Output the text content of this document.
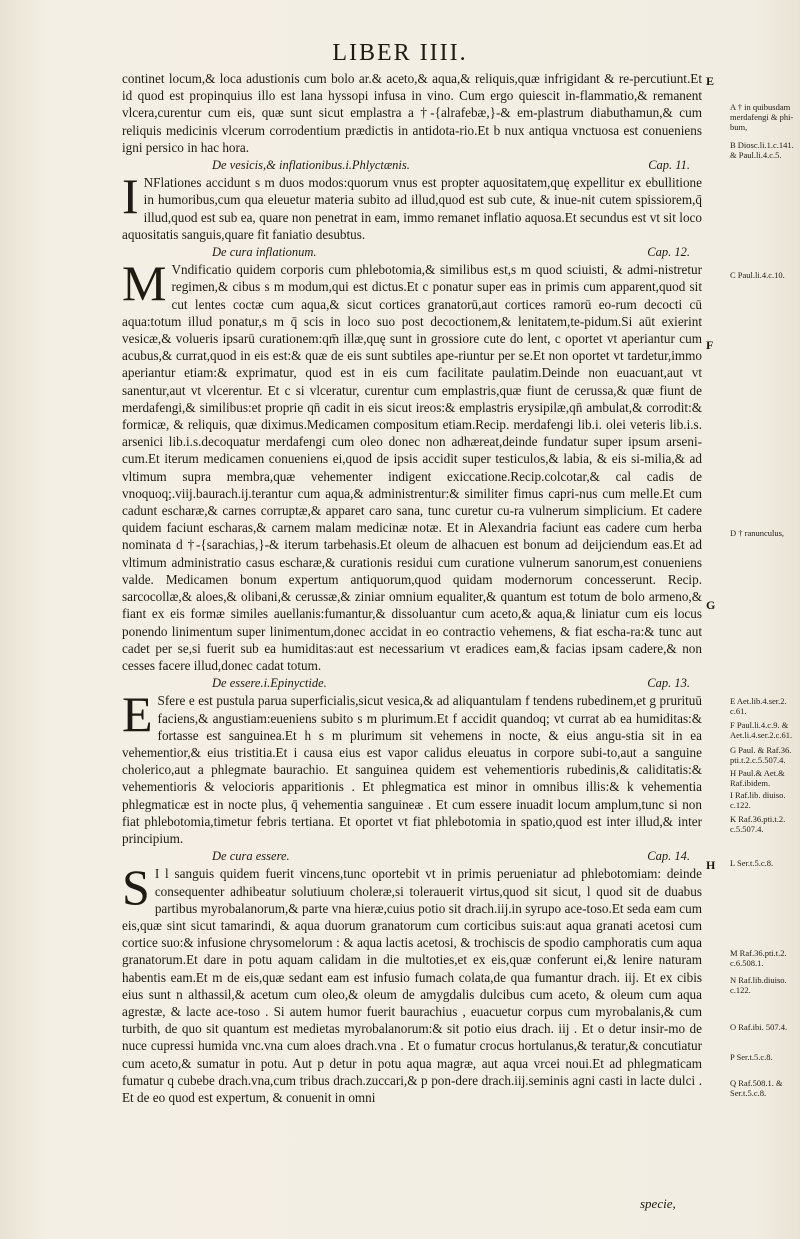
LIBER IIII.

continet locum,& loca adustionis cum bolo ar.& aceto,& aqua,& reliquis,quæ infrigidant & re-percutiunt.Et id quod est propinquius illo est lana hyssopi infusa in vino. Cum ergo quiescit in-flammatio,& remanent vlcera,curentur cum eis, quæ sunt sicut emplastra a †-{alrafebæ,}-& em-plastrum diabuthamun,& cum reliquis medicinis vlcerum corrodentium prædictis in antidota-rio.Et b nux antiqua vnctuosa est conueniens igni persico in hac hora.

De vesicis,& inflationibus.i.Phlyctænis.	Cap. 11.

I NFlationes accidunt s m duos modos:quorum vnus est propter aquositatem,quę expellitur ex ebullitione in humoribus,cum qua eleuetur materia subito ad illud,quod est sub cute, & inue-nit cutem spissiorem,q̄ illud,quod est sub ea, quare non penetrat in eam, immo remanet inflatio aquosa.Et secundus est vt sit loco aquositatis sanguis,quare fit faniatio desubtus.

De cura inflationum.	Cap. 12.

M Vndificatio quidem corporis cum phlebotomia,& similibus est,s m quod sciuisti, & admi-nistretur regimen,& cibus s m modum,qui est dictus.Et c ponatur super eas in primis cum apparent,quod sit cut lentes coctæ cum aqua,& sicut cortices granatorū,aut cortices ramorū eo-rum decocti cū aqua:totum illud ponatur,s m q̄ scis in loco suo post decoctionem,& lenitatem,te-pidum.Si aūt exierint vesicæ,& volueris ipsarū curationem:qm̄ illæ,quę sunt in grossiore cute do lent, c oportet vt aperiantur cum acubus,& currat,quod in eis est:& quæ de eis sunt subtiles ape-riuntur per se.Et non oportet vt tardetur,immo aperiantur etiam:& exprimatur, quod est in eis cum facilitate paulatim.Deinde non euacuant,aut vt sanentur,aut vt vlcerentur. Et c si vlceratur, curentur cum emplastris,quæ fiunt de cerussa,& quæ fiunt de merdafengi,& similibus:et proprie qn̄ cadit in eis sicut ireos:& emplastris erysipilæ,qn̄ ambulat,& corrodit:& formicæ, & reliquis, quæ diximus.Medicamen compositum etiam.Recip. merdafengi lib.i. olei veteris lib.i.s. arsenici lib.i.s.decoquatur merdafengi cum oleo donec non adhæreat,deinde fundatur super ipsum arseni-cum.Et iterum medicamen conueniens ei,quod de ipsis accidit super testiculos,& labia, & eis si-milia,& ad vltimum supra membra,quæ vehementer indigent exiccatione.Recip.colcotar,& cal cadis de vnoquoq;.viij.baurach.ij.terantur cum aqua,& administrentur:& similiter fimus capri-nus cum melle.Et cum cadunt escharæ,& carnes corruptæ,& apparet caro sana, tunc curetur cu-ra vulnerum simplicium. Et cadere quidem faciunt escharas,& carnem malam medicinæ notæ. Et in Alexandria faciunt eas cadere cum herba nominata d †-{sarachias,}-& iterum tarbehasis.Et oleum de alhacuen est bonum ad deijciendum eas.Et ad vltimum administratio casus escharæ,& curationis residui cum curatione vulnerum sanorum,est conueniens valde. Medicamen bonum expertum antiquorum,quod quidam modernorum concesserunt. Recip. sarcocollæ,& aloes,& olibani,& cerussæ,& ziniar omnium equaliter,& quantum est totum de bolo armeno,& fiant ex eis formæ similes auellanis:fumantur,& dissoluantur cum aceto,& aqua,& liniatur cum eis locus ponendo linimentum super linimentum,donec accidat in eo contractio vehemens, & fiat escha-ra:& tunc aut cadet per se,si fuerit sub ea humiditas:aut est necessarium vt eradices eam,& facias ipsam cadere,& non cesses facere illud,donec cadat totum.

De essere.i.Epinyctide.	Cap. 13.

E Sfere e est pustula parua superficialis,sicut vesica,& ad aliquantulam f tendens rubedinem,et g prurituū faciens,& angustiam:eueniens subito s m plurimum.Et f accidit quandoq; vt currat ab ea humiditas:& fortasse est sanguinea.Et h s m plurimum sit vehemens in nocte, & eius angu-stia sit in ea vehementior,& eius tristitia.Et i causa eius est vapor calidus eleuatus in corpore subi-to,aut a sanguine cholerico,aut a phlegmate baurachio. Et sanguinea quidem est vehementioris rubedinis,& caliditatis:& vehementioris & velocioris apparitionis . Et phlegmatica est minor in omnibus illis:& k vehementia phlegmaticæ est in nocte plus, q̄ vehementia sanguineæ . Et cum essere inuadit locum amplum,tunc si non fiat phlebotomia,timetur febris tertiana. Et oportet vt fiat phlebotomia in spatio,quod est inter illud,& inter principium.

De cura essere.	Cap. 14.

S I l sanguis quidem fuerit vincens,tunc oportebit vt in primis perueniatur ad phlebotomiam: deinde consequenter adhibeatur solutiuum choleræ,si tolerauerit virtus,quod sit sicut, l quod sit de duabus partibus myrobalanorum,& parte vna hieræ,cuius potio sit drach.iij.in syrupo ace-toso.Et seda eam cum eis,quæ sint sicut tamarindi, & aqua duorum granatorum cum corticibus suis:aut aqua granati acetosi cum cortice suo:& infusione chrysomelorum : & aqua lactis acetosi, & trochiscis de spodio camphoratis cum aqua granatorum.Et dare in potu aquam calidam in die multoties,et ex eis,quæ conferunt ei,& lenire naturam habentis eam.Et m de eis,quæ sedant eam est infusio fumach colata,de qua fumantur drach. iij. Et ex cibis eius sunt n althassil,& acetum cum oleo,& oleum de amygdalis dulcibus cum aceto, & oleum cum aqua agrestæ, & lacte ace-toso . Si autem humor fuerit baurachius , euacuetur corpus cum myrobalanis,& cum turbith, de quo sit quantum est medietas myrobalanorum:& sit potio eius drach. iij . Et o detur insir-mo de nuce cupressi humida vnc.vna cum aloes drach.vna . Et o fumatur crocus hortulanus,& teratur,& concutiatur cum aceto,& sumatur in potu. Aut p detur in potu aqua magræ, aut aqua vrcei noui.Et ad phlegmaticam fumatur q cubebe drach.vna,cum tribus drach.zuccari,& p pon-dere drach.iij.seminis agni casti in lacte dulci . Et de eo quod est expertum, & conuenit in omni

E
F
G
H
A † in quibusdam merdafengi & phi-bum,
B Diosc.li.1.c.141. & Paul.li.4.c.5.
C Paul.li.4.c.10.
D † ranunculus,
E Aet.lib.4.ser.2. c.61.
F Paul.li.4.c.9. & Aet.li.4.ser.2.c.61.
G Paul. & Raf.36. pti.t.2.c.5.507.4.
H Paul.& Aet.& Raf.ibidem.
I Raf.lib. diuiso. c.122.
K Raf.36.pti.t.2. c.5.507.4.
L Ser.t.5.c.8.
M Raf.36.pti.t.2. c.6.508.1.
N Raf.lib.diuiso. c.122.
O Raf.ibi. 507.4.
P Ser.t.5.c.8.
Q Raf.508.1. & Ser.t.5.c.8.
specie,
